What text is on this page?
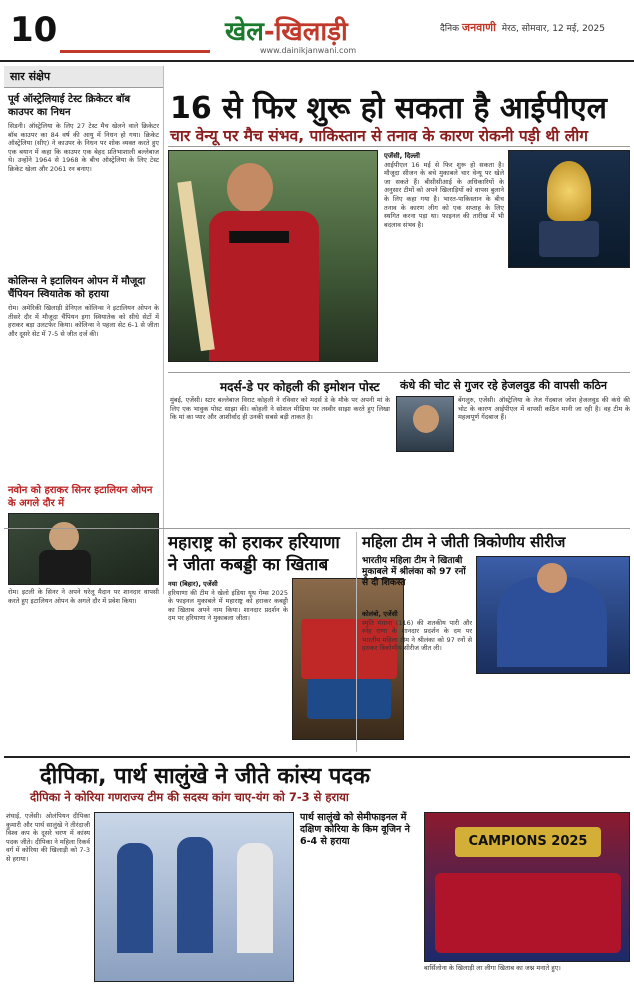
10	खेल-खिलाड़ी	दैनिक जनवाणी मेरठ, सोमवार, 12 मई, 2025
www.dainikjanwani.com
सार संक्षेप
पूर्व ऑस्ट्रेलियाई टेस्ट क्रिकेटर बॉब काउपर का निधन
सिडनी। ऑस्ट्रेलिया के लिए 27 टेस्ट मैच खेलने वाले क्रिकेटर बॉब काउपर का 84 वर्ष की आयु में निधन हो गया। क्रिकेट ऑस्ट्रेलिया (सीए) ने काउपर के निधन पर शोक व्यक्त करते हुए एक बयान में कहा कि काउपर एक बेहद प्रतिभाशाली बल्लेबाज थे। उन्होंने 1964 से 1968 के बीच ऑस्ट्रेलिया के लिए टेस्ट क्रिकेट खेला और 2061 रन बनाए।
कोलिन्स ने इटालियन ओपन में मौजूदा चैंपियन स्वियातेक को हराया
रोम। अमेरिकी खिलाड़ी डेनिएल कोलिन्स ने इटालियन ओपन के तीसरे दौर में मौजूदा चैंपियन इगा स्वियातेक को सीधे सेटों में हराकर बड़ा उलटफेर किया। कोलिन्स ने पहला सेट 6-1 से जीता और दूसरे सेट में 7-5 से जीत दर्ज की।
नवोन को हराकर सिनर इटालियन ओपन के अगले दौर में
रोम। इटली के सिनर ने अपने घरेलू मैदान पर शानदार वापसी करते हुए इटालियन ओपन के अगले दौर में प्रवेश किया।
16 से फिर शुरू हो सकता है आईपीएल
चार वेन्यू पर मैच संभव, पाकिस्तान से तनाव के कारण रोकनी पड़ी थी लीग
एजेंसी, दिल्ली
आईपीएल 16 मई से फिर शुरू हो सकता है। मौजूदा सीजन के बचे मुकाबले चार वेन्यू पर खेले जा सकते हैं। बीसीसीआई के अधिकारियों के अनुसार टीमों को अपने खिलाड़ियों को वापस बुलाने के लिए कहा गया है। भारत-पाकिस्तान के बीच तनाव के कारण लीग को एक सप्ताह के लिए स्थगित करना पड़ा था। फाइनल की तारीख में भी बदलाव संभव है।
मदर्स-डे पर कोहली की इमोशन पोस्ट
मुंबई, एजेंसी। स्टार बल्लेबाज विराट कोहली ने रविवार को मदर्स डे के मौके पर अपनी मां के लिए एक भावुक पोस्ट साझा की। कोहली ने सोशल मीडिया पर तस्वीर साझा करते हुए लिखा कि मां का प्यार और आशीर्वाद ही उनकी सबसे बड़ी ताकत है।
कंधे की चोट से गुजर रहे हेजलवुड की वापसी कठिन
बेंगलुरु, एजेंसी। ऑस्ट्रेलिया के तेज गेंदबाज जोश हेजलवुड की कंधे की चोट के कारण आईपीएल में वापसी कठिन मानी जा रही है। वह टीम के महत्वपूर्ण गेंदबाज हैं।
महाराष्ट्र को हराकर हरियाणा ने जीता कबड्डी का खिताब
नया (बिहार), एजेंसी
हरियाणा की टीम ने खेलो इंडिया यूथ गेम्स 2025 के फाइनल मुकाबले में महाराष्ट्र को हराकर कबड्डी का खिताब अपने नाम किया। शानदार प्रदर्शन के दम पर हरियाणा ने मुकाबला जीता।
महिला टीम ने जीती त्रिकोणीय सीरीज
भारतीय महिला टीम ने खिताबी मुकाबले में श्रीलंका को 97 रनों से दी शिकस्त
कोलंबो, एजेंसी
स्मृति मंधाना (116) की शतकीय पारी और स्नेह राणा के शानदार प्रदर्शन के दम पर भारतीय महिला टीम ने श्रीलंका को 97 रनों से हराकर त्रिकोणीय सीरीज जीत ली।
दीपिका, पार्थ सालुंखे ने जीते कांस्य पदक
दीपिका ने कोरिया गणराज्य टीम की सदस्य कांग चाए-यंग को 7-3 से हराया
शंघाई, एजेंसी। ओलंपियन दीपिका कुमारी और पार्थ सालुंखे ने तीरंदाजी विश्व कप के दूसरे चरण में कांस्य पदक जीते। दीपिका ने महिला रिकर्व वर्ग में कोरिया की खिलाड़ी को 7-3 से हराया।
पार्थ सालुंखे को सेमीफाइनल में दक्षिण कोरिया के किम वूजिन ने 6-4 से हराया	CAMPIONS 2025
बार्सिलोना के खिलाड़ी ला लीगा खिताब का जश्न मनाते हुए।
